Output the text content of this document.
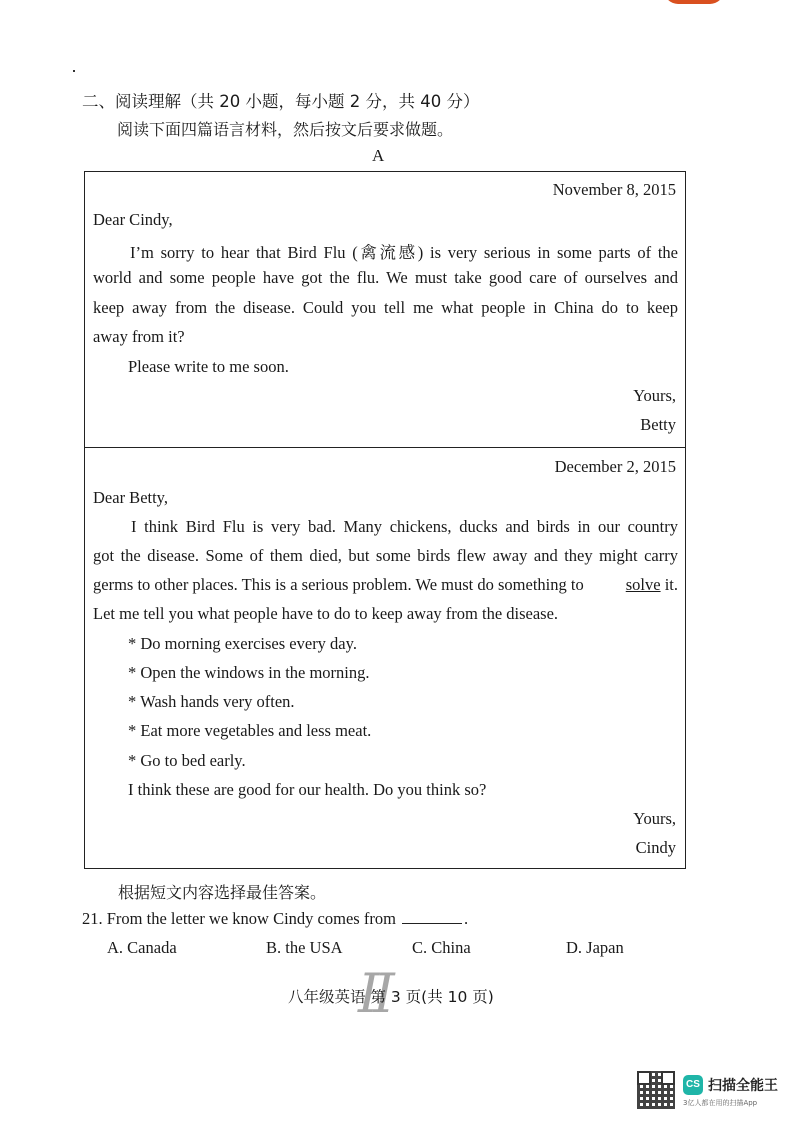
二、阅读理解（共 20 小题，每小题 2 分，共 40 分）
阅读下面四篇语言材料，然后按文后要求做题。
A
November 8, 2015
Dear Cindy,
I’m sorry to hear that Bird Flu (禽流感) is very serious in some parts of the
world and some people have got the flu. We must take good care of ourselves and
keep away from the disease. Could you tell me what people in China do to keep
away from it?
Please write to me soon.
Yours,
Betty
December 2, 2015
Dear Betty,
I think Bird Flu is very bad. Many chickens, ducks and birds in our country
got the disease. Some of them died, but some birds flew away and they might carry
germs to other places. This is a serious problem. We must do something to	solve it.
Let me tell you what people have to do to keep away from the disease.
* Do morning exercises every day.
* Open the windows in the morning.
* Wash hands very often.
* Eat more vegetables and less meat.
* Go to bed early.
I think these are good for our health. Do you think so?
Yours,
Cindy
根据短文内容选择最佳答案。
21. From the letter we know Cindy comes from	.
A. Canada	B. the USA	C. China	D. Japan
II
八年级英语 第 3 页(共 10 页)
CS 扫描全能王
3亿人都在用的扫描App
